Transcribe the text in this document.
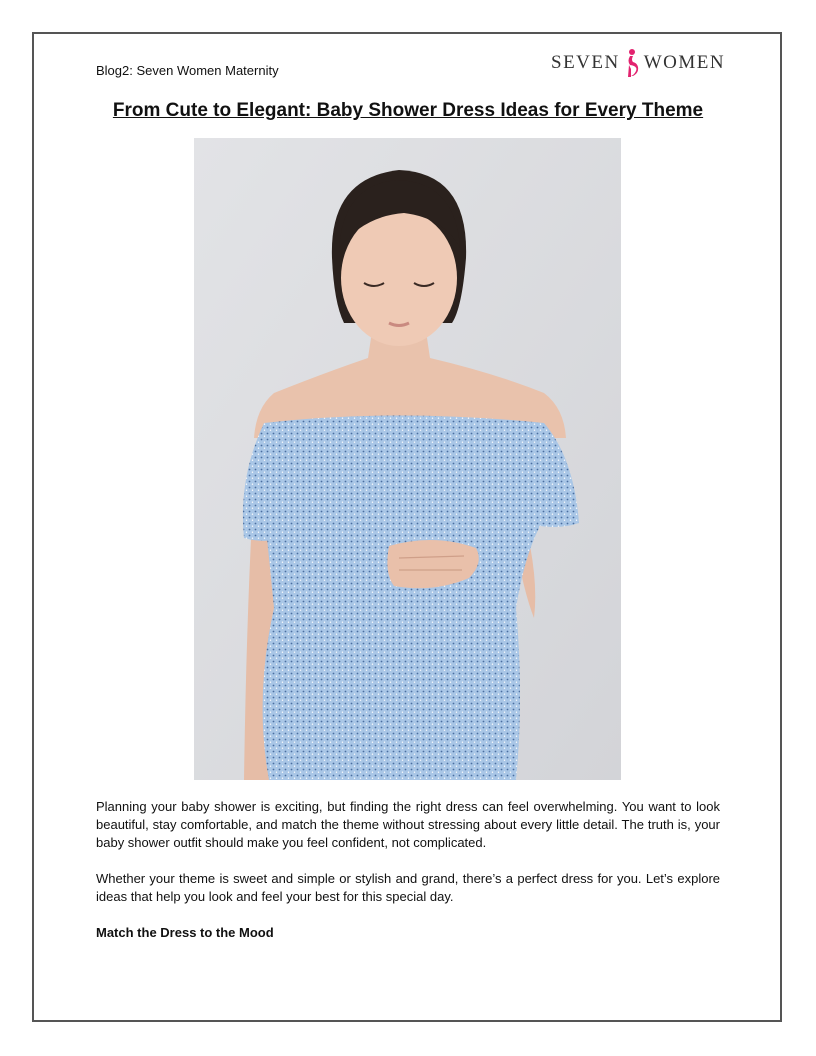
Blog2: Seven Women Maternity	SEVEN WOMEN
From Cute to Elegant: Baby Shower Dress Ideas for Every Theme
Planning your baby shower is exciting, but finding the right dress can feel overwhelming. You want to look beautiful, stay comfortable, and match the theme without stressing about every little detail. The truth is, your baby shower outfit should make you feel confident, not complicated.
Whether your theme is sweet and simple or stylish and grand, there’s a perfect dress for you. Let’s explore ideas that help you look and feel your best for this special day.
Match the Dress to the Mood
